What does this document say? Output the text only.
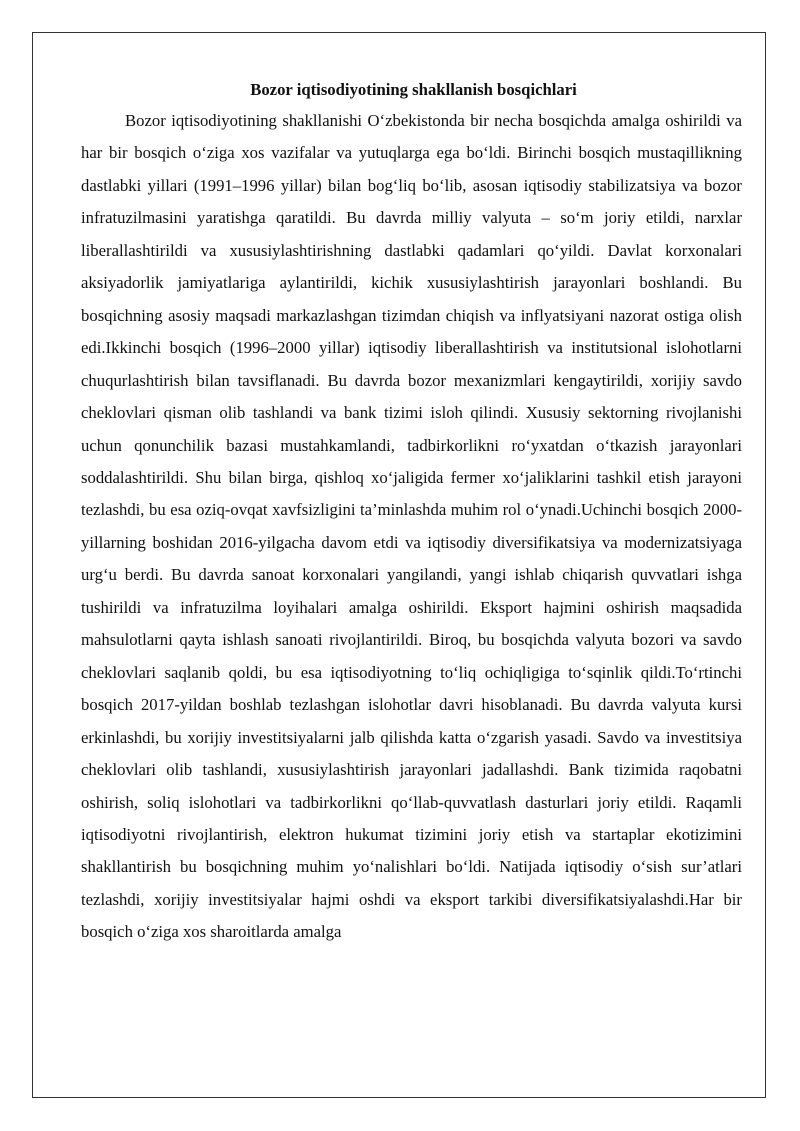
Bozor iqtisodiyotining shakllanish bosqichlari

Bozor iqtisodiyotining shakllanishi O‘zbekistonda bir necha bosqichda amalga oshirildi va har bir bosqich o‘ziga xos vazifalar va yutuqlarga ega bo‘ldi. Birinchi bosqich mustaqillikning dastlabki yillari (1991–1996 yillar) bilan bog‘liq bo‘lib, asosan iqtisodiy stabilizatsiya va bozor infratuzilmasini yaratishga qaratildi. Bu davrda milliy valyuta – so‘m joriy etildi, narxlar liberallashtirildi va xususiylashtirishning dastlabki qadamlari qo‘yildi. Davlat korxonalari aksiyadorlik jamiyatlariga aylantirildi, kichik xususiylashtirish jarayonlari boshlandi. Bu bosqichning asosiy maqsadi markazlashgan tizimdan chiqish va inflyatsiyani nazorat ostiga olish edi.Ikkinchi bosqich (1996–2000 yillar) iqtisodiy liberallashtirish va institutsional islohotlarni chuqurlashtirish bilan tavsiflanadi. Bu davrda bozor mexanizmlari kengaytirildi, xorijiy savdo cheklovlari qisman olib tashlandi va bank tizimi isloh qilindi. Xususiy sektorning rivojlanishi uchun qonunchilik bazasi mustahkamlandi, tadbirkorlikni ro‘yxatdan o‘tkazish jarayonlari soddalashtirildi. Shu bilan birga, qishloq xo‘jaligida fermer xo‘jaliklarini tashkil etish jarayoni tezlashdi, bu esa oziq-ovqat xavfsizligini ta’minlashda muhim rol o‘ynadi.Uchinchi bosqich 2000-yillarning boshidan 2016-yilgacha davom etdi va iqtisodiy diversifikatsiya va modernizatsiyaga urg‘u berdi. Bu davrda sanoat korxonalari yangilandi, yangi ishlab chiqarish quvvatlari ishga tushirildi va infratuzilma loyihalari amalga oshirildi. Eksport hajmini oshirish maqsadida mahsulotlarni qayta ishlash sanoati rivojlantirildi. Biroq, bu bosqichda valyuta bozori va savdo cheklovlari saqlanib qoldi, bu esa iqtisodiyotning to‘liq ochiqligiga to‘sqinlik qildi.To‘rtinchi bosqich 2017-yildan boshlab tezlashgan islohotlar davri hisoblanadi. Bu davrda valyuta kursi erkinlashdi, bu xorijiy investitsiyalarni jalb qilishda katta o‘zgarish yasadi. Savdo va investitsiya cheklovlari olib tashlandi, xususiylashtirish jarayonlari jadallashdi. Bank tizimida raqobatni oshirish, soliq islohotlari va tadbirkorlikni qo‘llab-quvvatlash dasturlari joriy etildi. Raqamli iqtisodiyotni rivojlantirish, elektron hukumat tizimini joriy etish va startaplar ekotizimini shakllantirish bu bosqichning muhim yo‘nalishlari bo‘ldi. Natijada iqtisodiy o‘sish sur’atlari tezlashdi, xorijiy investitsiyalar hajmi oshdi va eksport tarkibi diversifikatsiyalashdi.Har bir bosqich o‘ziga xos sharoitlarda amalga
